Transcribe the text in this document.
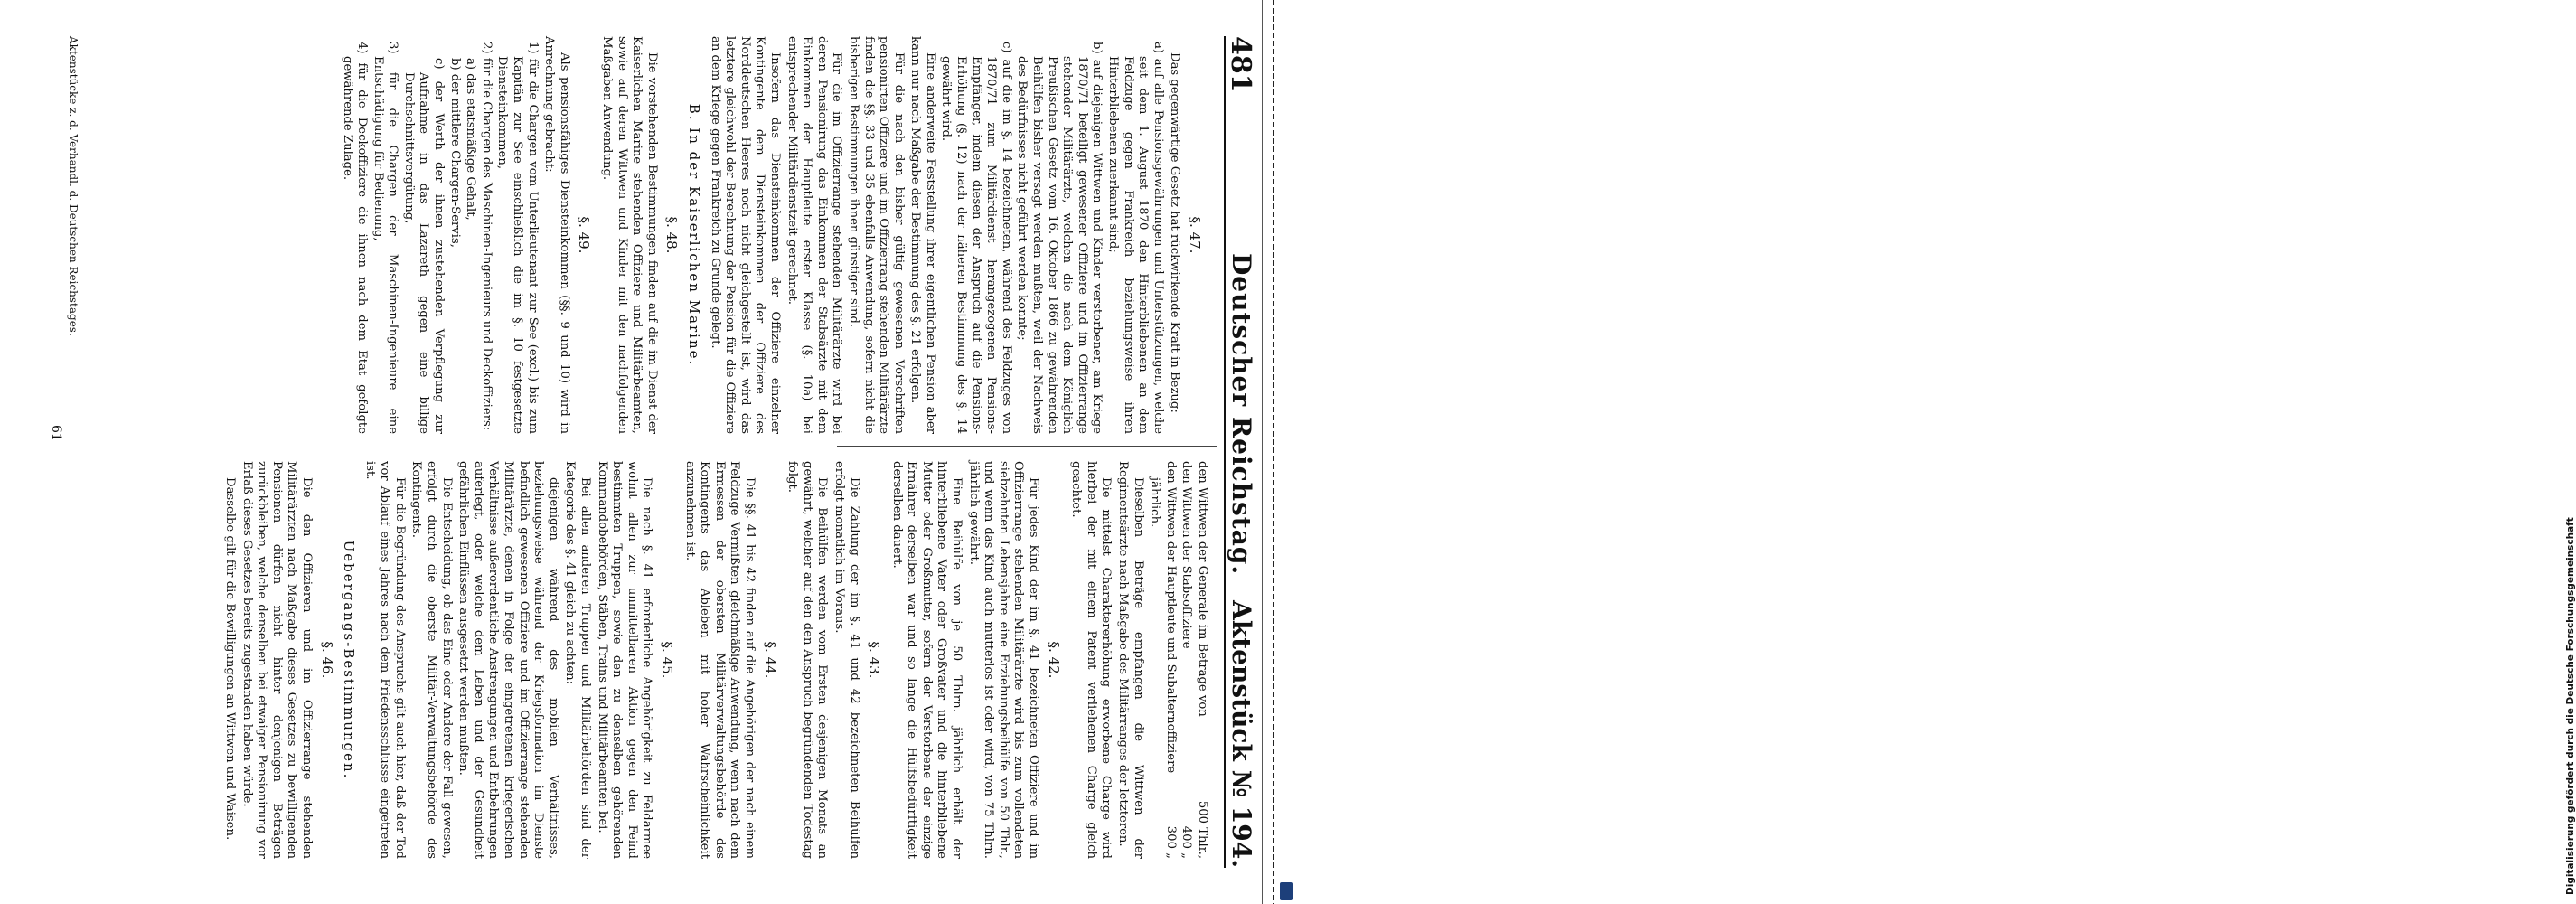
481
Deutscher Reichstag.
Aktenstück № 194.
§. 47.

Das gegenwärtige Gesetz hat rückwirkende Kraft in Bezug:

a) auf alle Pensionsgewährungen und Unterstützungen, welche seit dem 1. August 1870 den Hinterbliebenen an dem Feldzuge gegen Frankreich beziehungsweise ihren Hinterbliebenen zuerkannt sind;

b) auf diejenigen Wittwen und Kinder verstorbener, am Kriege 1870/71 beteiligt gewesener Offiziere und im Offizierrange stehender Militärärzte, welchen die nach dem Königlich Preußischen Gesetz vom 16. Oktober 1866 zu gewährenden Beihülfen bisher versagt werden mußten, weil der Nachweis des Bedürfnisses nicht geführt werden konnte;

c) auf die im §. 14 bezeichneten, während des Feldzuges von 1870/71 zum Militärdienst herangezogenen Pensions-Empfänger, indem diesen der Anspruch auf die Pensions-Erhöhung (§. 12) nach der näheren Bestimmung des §. 14 gewährt wird.

Eine anderweite Feststellung ihrer eigentlichen Pension aber kann nur nach Maßgabe der Bestimmung des §. 21 erfolgen.

Für die nach den bisher gültig gewesenen Vorschriften pensionirten Offiziere und im Offizierrang stehenden Militärärzte finden die §§. 33 und 35 ebenfalls Anwendung, sofern nicht die bisherigen Bestimmungen ihnen günstiger sind.

Für die im Offizierrange stehenden Militärärzte wird bei deren Pensionirung das Einkommen der Stabsärzte mit dem Einkommen der Hauptleute erster Klasse (§. 10a) bei entsprechender Militärdienstzeit gerechnet.

Insofern das Diensteinkommen der Offiziere einzelner Kontingente dem Diensteinkommen der Offiziere des Norddeutschen Heeres noch nicht gleichgestellt ist, wird das letztere gleichwohl der Berechnung der Pension für die Offiziere an dem Kriege gegen Frankreich zu Grunde gelegt.

B. In der Kaiserlichen Marine.
§. 48.

Die vorstehenden Bestimmungen finden auf die im Dienst der Kaiserlichen Marine stehenden Offiziere und Militärbeamten, sowie auf deren Wittwen und Kinder mit den nachfolgenden Maßgaben Anwendung.

§. 49.

Als pensionsfähiges Diensteinkommen (§§. 9 und 10) wird in Anrechnung gebracht:

1) für die Chargen vom Unterlieutenant zur See (excl.) bis zum Kapitän zur See einschließlich die im §. 10 festgesetzte Diensteinkommen,

2) für die Chargen des Maschinen-Ingenieurs und Deckoffiziers:

a) das etatsmäßige Gehalt,

b) der mittlere Chargen-Servis,

c) der Werth der ihnen zustehenden Verpflegung zur Aufnahme in das Lazareth gegen eine billige Durchschnittsvergütung,

3) für die Chargen der Maschinen-Ingenieure eine Entschädigung für Bedienung,

4) für die Deckoffiziere die ihnen nach dem Etat gefolgte gewährende Zulage.

den Wittwen der Generale im Betrage von
500 Thlr.,
den Wittwen der Stabsoffiziere
400 „
den Wittwen der Hauptleute und Subalternoffiziere
300 „

jährlich.

Dieselben Beträge empfangen die Wittwen der Regimentsärzte nach Maßgabe des Militärranges der letzteren.

Die mittelst Charaktererhöhung erworbene Charge wird hierbei der mit einem Patent verliehenen Charge gleich geachtet.

§. 42.

Für jedes Kind der im §. 41 bezeichneten Offiziere und im Offizierrange stehenden Militärärzte wird bis zum vollendeten siebzehnten Lebensjahre eine Erziehungsbeihülfe von 50 Thlr., und wenn das Kind auch mutterlos ist oder wird, von 75 Thlrn. jährlich gewährt.

Eine Beihülfe von je 50 Thlrn. jährlich erhält der hinterbliebene Vater oder Großvater und die hinterbliebene Mutter oder Großmutter, sofern der Verstorbene der einzige Ernährer derselben war und so lange die Hülfsbedürftigkeit derselben dauert.

§. 43.

Die Zahlung der im §. 41 und 42 bezeichneten Beihülfen erfolgt monatlich im Voraus.

Die Beihülfen werden vom Ersten desjenigen Monats an gewährt, welcher auf den den Anspruch begründenden Todestag folgt.

§. 44.

Die §§. 41 bis 42 finden auf die Angehörigen der nach einem Feldzuge Vermißten gleichmäßige Anwendung, wenn nach dem Ermessen der obersten Militärverwaltungsbehörde des Kontingents das Ableben mit hoher Wahrscheinlichkeit anzunehmen ist.

§. 45.

Die nach §. 41 erforderliche Angehörigkeit zu Feldarmee wohnt allen zur unmittelbaren Aktion gegen den Feind bestimmten Truppen, sowie den zu denselben gehörenden Kommandobehörden, Stäben, Trains und Militärbeamten bei.

Bei allen anderen Truppen und Militärbehörden sind der Kategorie des §. 41 gleich zu achten:

diejenigen während des mobilen Verhältnisses, beziehungsweise während der Kriegsformation im Dienste befindlich gewesenen Offiziere und im Offizierrange stehenden Militärärzte, denen in Folge der eingetretenen kriegerischen Verhältnisse außerordentliche Anstrengungen und Entbehrungen auferlegt, oder welche dem Leben und der Gesundheit gefährlichen Einflüssen ausgesetzt werden mußten.

Die Entscheidung, ob das Eine oder Andere der Fall gewesen, erfolgt durch die oberste Militär-Verwaltungsbehörde des Kontingents.

Für die Begründung des Anspruchs gilt auch hier, daß der Tod vor Ablauf eines Jahres nach dem Friedensschlusse eingetreten ist.

Uebergangs-Bestimmungen.
§. 46.

Die den Offizieren und im Offizierrange stehenden Militärärzten nach Maßgabe dieses Gesetzes zu bewilligenden Pensionen dürfen nicht hinter denjenigen Beträgen zurückbleiben, welche denselben bei etwaiger Pensionirung vor Erlaß dieses Gesetzes bereits zugestanden haben würde.

Dasselbe gilt für die Bewilligungen an Wittwen und Waisen.

Aktenstücke z. d. Verhandl. d. Deutschen Reichstages.
61
Digitalisierung gefördert durch die Deutsche Forschungsgemeinschaft
